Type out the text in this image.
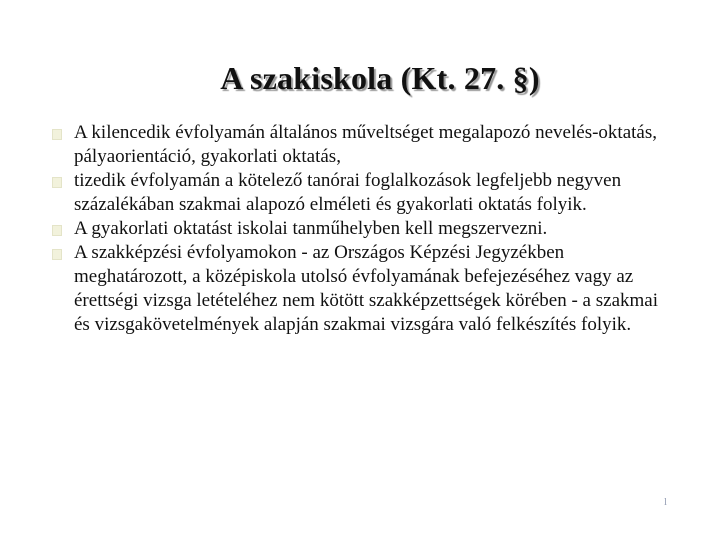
A szakiskola (Kt. 27. §)
A kilencedik évfolyamán általános műveltséget megalapozó nevelés-oktatás, pályaorientáció, gyakorlati oktatás,
tizedik évfolyamán a kötelező tanórai foglalkozások legfeljebb negyven százalékában szakmai alapozó elméleti és gyakorlati oktatás folyik.
A gyakorlati oktatást iskolai tanműhelyben kell megszervezni.
A szakképzési évfolyamokon - az Országos Képzési Jegyzékben meghatározott, a középiskola utolsó évfolyamának befejezéséhez vagy az érettségi vizsga letételéhez nem kötött szakképzettségek körében - a szakmai és vizsgakövetelmények alapján szakmai vizsgára való felkészítés folyik.
l
